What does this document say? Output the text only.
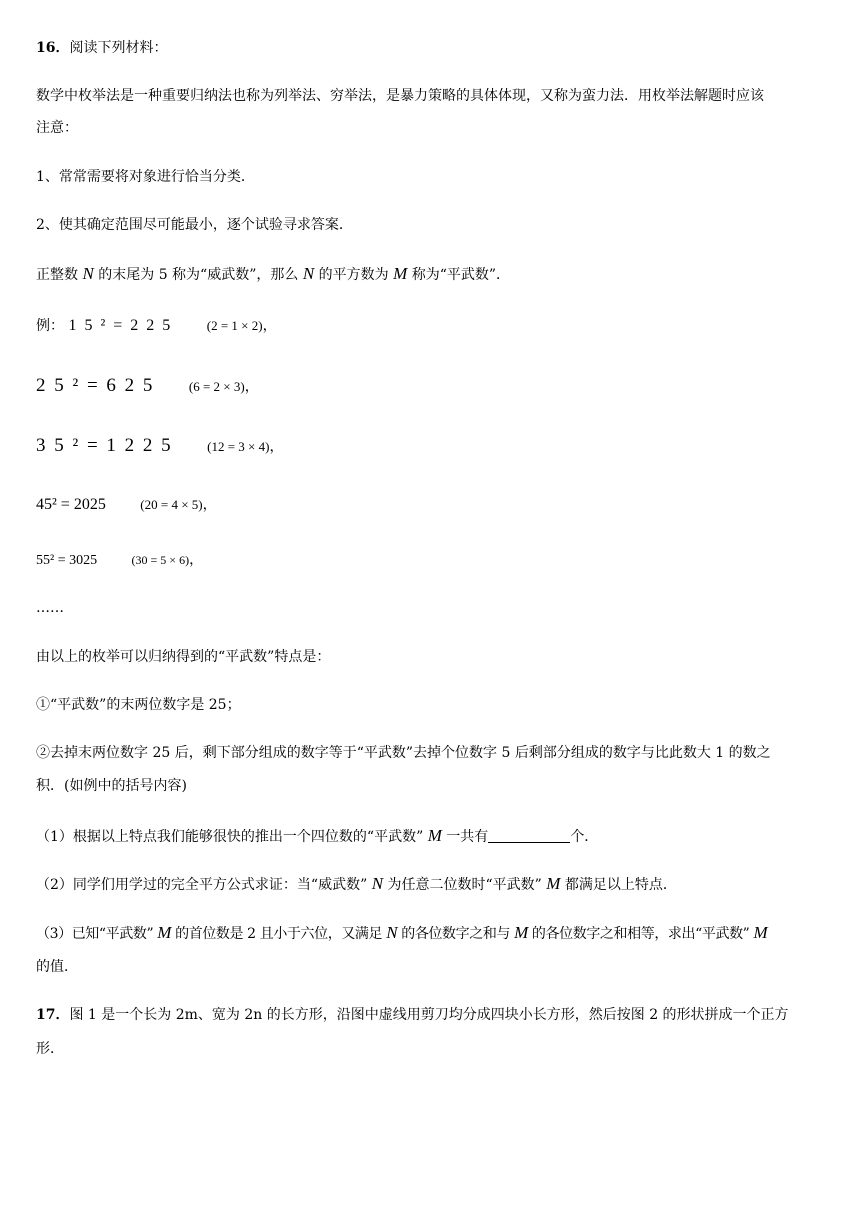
16．阅读下列材料：
数学中枚举法是一种重要归纳法也称为列举法、穷举法，是暴力策略的具体体现，又称为蛮力法．用枚举法解题时应该
注意：
1、常常需要将对象进行恰当分类．
2、使其确定范围尽可能最小，逐个试验寻求答案．
正整数 N 的末尾为 5 称为“威武数”，那么 N 的平方数为 M 称为“平武数”．
例： 1 5 ² = 2 2 5	(2 = 1 × 2)，
2 5 ² = 6 2 5	(6 = 2 × 3)，
3 5 ² = 1 2 2 5	(12 = 3 × 4)，
45² = 2025	(20 = 4 × 5)，
55² = 3025	(30 = 5 × 6)，
……
由以上的枚举可以归纳得到的“平武数”特点是：
①“平武数”的末两位数字是 25；
②去掉末两位数字 25 后，剩下部分组成的数字等于“平武数”去掉个位数字 5 后剩部分组成的数字与比此数大 1 的数之
积．(如例中的括号内容)
（1）根据以上特点我们能够很快的推出一个四位数的“平武数” M 一共有	个．
（2）同学们用学过的完全平方公式求证：当“威武数” N 为任意二位数时“平武数” M 都满足以上特点．
（3）已知“平武数” M 的首位数是 2 且小于六位，又满足 N 的各位数字之和与 M 的各位数字之和相等，求出“平武数” M
的值．
17．图 1 是一个长为 2m、宽为 2n 的长方形，沿图中虚线用剪刀均分成四块小长方形，然后按图 2 的形状拼成一个正方
形．
